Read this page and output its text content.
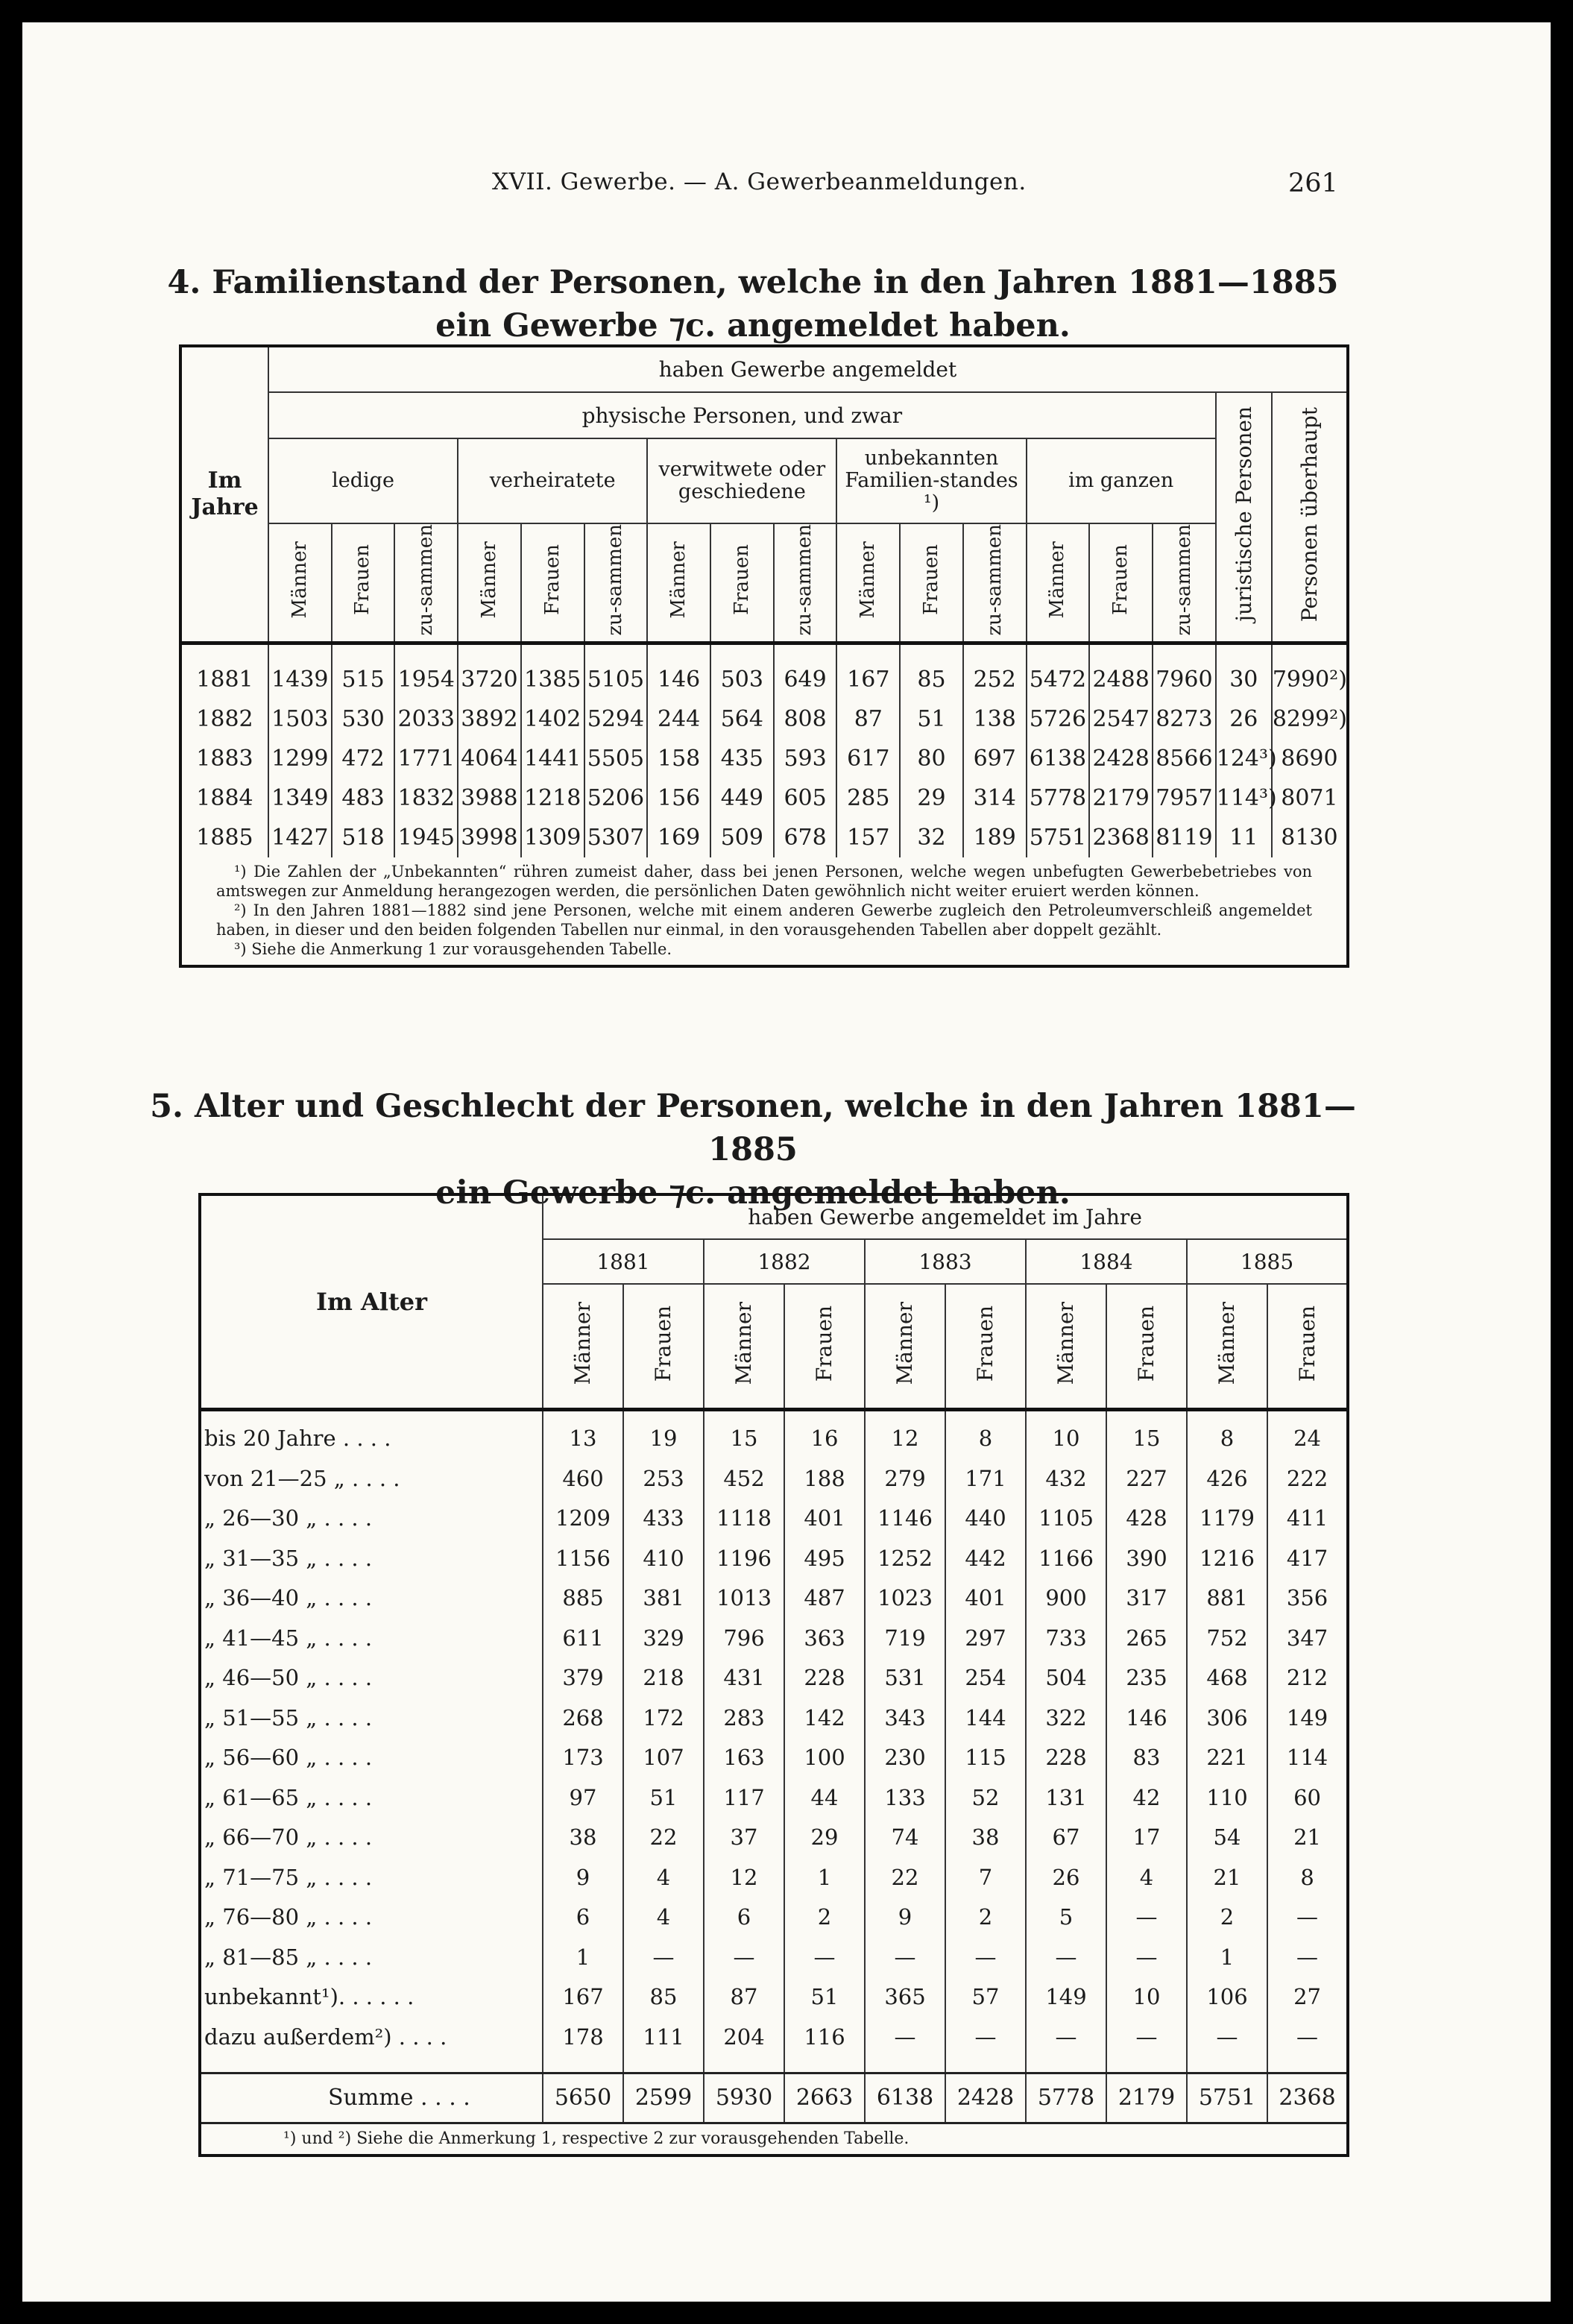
XVII. Gewerbe. — A. Gewerbeanmeldungen.	261
4. Familienstand der Personen, welche in den Jahren 1881—1885
ein Gewerbe ⁊c. angemeldet haben.
Im Jahre	haben Gewerbe angemeldet																
	physische Personen, und zwar															juristische Personen	Personen überhaupt
	ledige			verheiratete			verwitwete oder geschiedene			unbekannten Familien-standes ¹)			im ganzen				
	Männer	Frauen	zu-sammen	Männer	Frauen	zu-sammen	Männer	Frauen	zu-sammen	Männer	Frauen	zu-sammen	Männer	Frauen	zu-sammen		

1881	1439	515	1954	3720	1385	5105	146	503	649	167	85	252	5472	2488	7960	30	7990²)
1882	1503	530	2033	3892	1402	5294	244	564	808	87	51	138	5726	2547	8273	26	8299²)
1883	1299	472	1771	4064	1441	5505	158	435	593	617	80	697	6138	2428	8566	124³)	8690
1884	1349	483	1832	3988	1218	5206	156	449	605	285	29	314	5778	2179	7957	114³)	8071
1885	1427	518	1945	3998	1309	5307	169	509	678	157	32	189	5751	2368	8119	11	8130

¹) Die Zahlen der „Unbekannten“ rühren zumeist daher, dass bei jenen Personen, welche wegen unbefugten Gewerbebetriebes von amtswegen zur Anmeldung herangezogen werden, die persönlichen Daten gewöhnlich nicht weiter eruiert werden können.

²) In den Jahren 1881—1882 sind jene Personen, welche mit einem anderen Gewerbe zugleich den Petroleumverschleiß angemeldet haben, in dieser und den beiden folgenden Tabellen nur einmal, in den vorausgehenden Tabellen aber doppelt gezählt.

³) Siehe die Anmerkung 1 zur vorausgehenden Tabelle.																	

5. Alter und Geschlecht der Personen, welche in den Jahren 1881—1885
ein Gewerbe ⁊c. angemeldet haben.
Im Alter	haben Gewerbe angemeldet im Jahre									
	1881		1882		1883		1884		1885	
	Männer	Frauen	Männer	Frauen	Männer	Frauen	Männer	Frauen	Männer	Frauen

bis 20 Jahre . . . .	13	19	15	16	12	8	10	15	8	24
von 21—25 „ . . . .	460	253	452	188	279	171	432	227	426	222
„ 26—30 „ . . . .	1209	433	1118	401	1146	440	1105	428	1179	411
„ 31—35 „ . . . .	1156	410	1196	495	1252	442	1166	390	1216	417
„ 36—40 „ . . . .	885	381	1013	487	1023	401	900	317	881	356
„ 41—45 „ . . . .	611	329	796	363	719	297	733	265	752	347
„ 46—50 „ . . . .	379	218	431	228	531	254	504	235	468	212
„ 51—55 „ . . . .	268	172	283	142	343	144	322	146	306	149
„ 56—60 „ . . . .	173	107	163	100	230	115	228	83	221	114
„ 61—65 „ . . . .	97	51	117	44	133	52	131	42	110	60
„ 66—70 „ . . . .	38	22	37	29	74	38	67	17	54	21
„ 71—75 „ . . . .	9	4	12	1	22	7	26	4	21	8
„ 76—80 „ . . . .	6	4	6	2	9	2	5	—	2	—
„ 81—85 „ . . . .	1	—	—	—	—	—	—	—	1	—
unbekannt¹). . . . . .	167	85	87	51	365	57	149	10	106	27
dazu außerdem²) . . . .	178	111	204	116	—	—	—	—	—	—

Summe . . . .	5650	2599	5930	2663	6138	2428	5778	2179	5751	2368
¹) und ²) Siehe die Anmerkung 1, respective 2 zur vorausgehenden Tabelle.										
